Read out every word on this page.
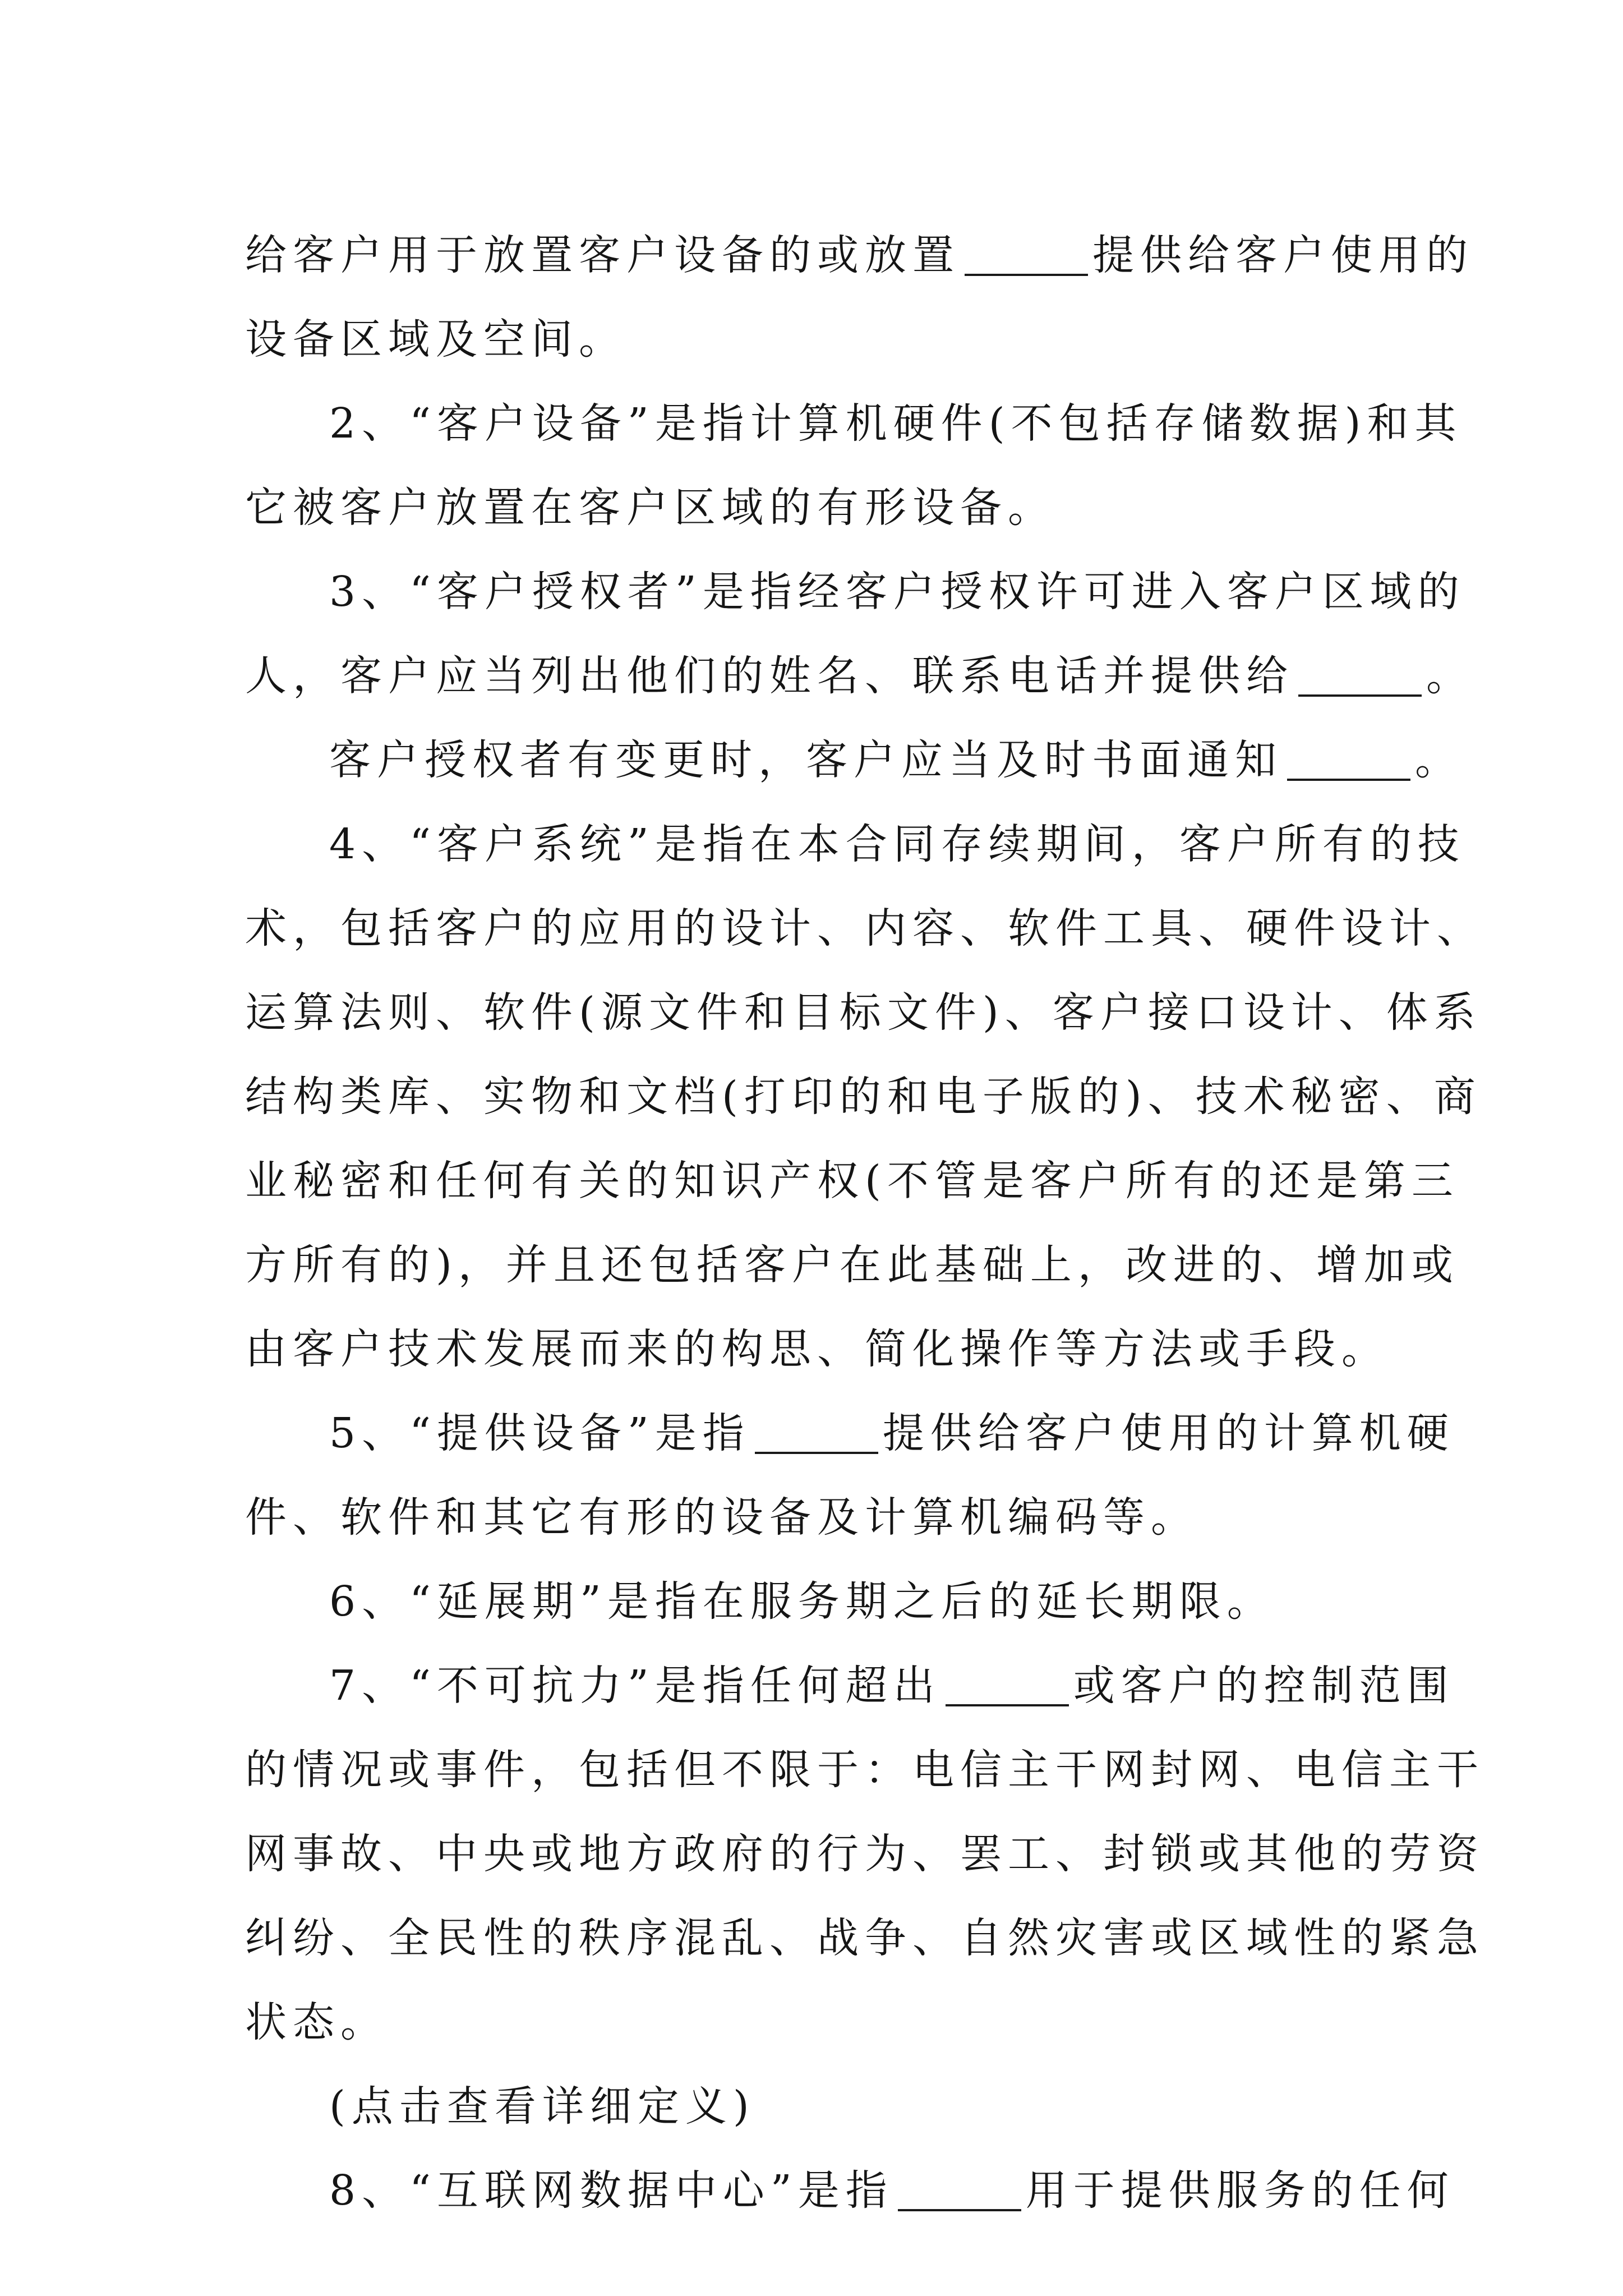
给客户用于放置客户设备的或放置	提供给客户使用的
设备区域及空间。
2、“客户设备”是指计算机硬件(不包括存储数据)和其
它被客户放置在客户区域的有形设备。
3、“客户授权者”是指经客户授权许可进入客户区域的
人，客户应当列出他们的姓名、联系电话并提供给	。
客户授权者有变更时，客户应当及时书面通知	。
4、“客户系统”是指在本合同存续期间，客户所有的技
术，包括客户的应用的设计、内容、软件工具、硬件设计、
运算法则、软件(源文件和目标文件)、客户接口设计、体系
结构类库、实物和文档(打印的和电子版的)、技术秘密、商
业秘密和任何有关的知识产权(不管是客户所有的还是第三
方所有的)，并且还包括客户在此基础上，改进的、增加或
由客户技术发展而来的构思、简化操作等方法或手段。
5、“提供设备”是指	提供给客户使用的计算机硬
件、软件和其它有形的设备及计算机编码等。
6、“延展期”是指在服务期之后的延长期限。
7、“不可抗力”是指任何超出	或客户的控制范围
的情况或事件，包括但不限于：电信主干网封网、电信主干
网事故、中央或地方政府的行为、罢工、封锁或其他的劳资
纠纷、全民性的秩序混乱、战争、自然灾害或区域性的紧急
状态。
(点击查看详细定义)
8、“互联网数据中心”是指	用于提供服务的任何
